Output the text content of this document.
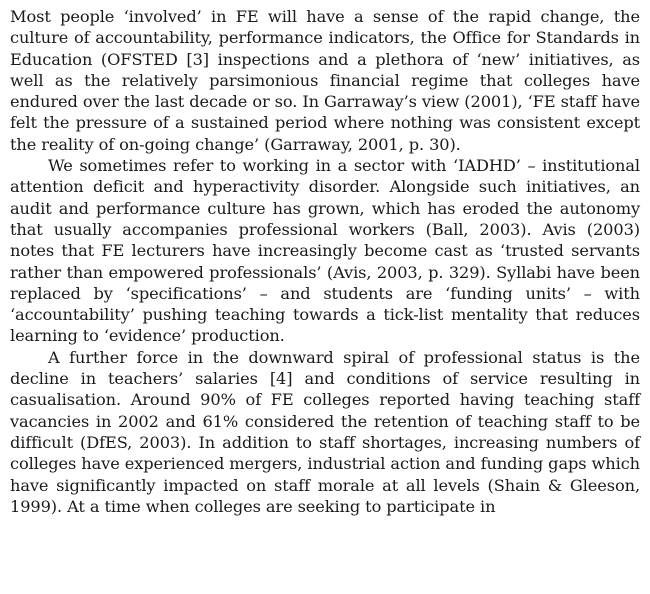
Most people ‘involved’ in FE will have a sense of the rapid change, the culture of accountability, performance indicators, the Office for Standards in Education (OFSTED [3] inspections and a plethora of ‘new’ initiatives, as well as the relatively parsimonious financial regime that colleges have endured over the last decade or so. In Garraway’s view (2001), ‘FE staff have felt the pressure of a sustained period where nothing was consistent except the reality of on-going change’ (Garraway, 2001, p. 30).

We sometimes refer to working in a sector with ‘IADHD’ – institutional attention deficit and hyperactivity disorder. Alongside such initiatives, an audit and performance culture has grown, which has eroded the autonomy that usually accompanies professional workers (Ball, 2003). Avis (2003) notes that FE lecturers have increasingly become cast as ‘trusted servants rather than empowered professionals’ (Avis, 2003, p. 329). Syllabi have been replaced by ‘specifications’ – and students are ‘funding units’ – with ‘accountability’ pushing teaching towards a tick-list mentality that reduces learning to ‘evidence’ production.

A further force in the downward spiral of professional status is the decline in teachers’ salaries [4] and conditions of service resulting in casualisation. Around 90% of FE colleges reported having teaching staff vacancies in 2002 and 61% considered the retention of teaching staff to be difficult (DfES, 2003). In addition to staff shortages, increasing numbers of colleges have experienced mergers, industrial action and funding gaps which have significantly impacted on staff morale at all levels (Shain & Gleeson, 1999). At a time when colleges are seeking to participate in
